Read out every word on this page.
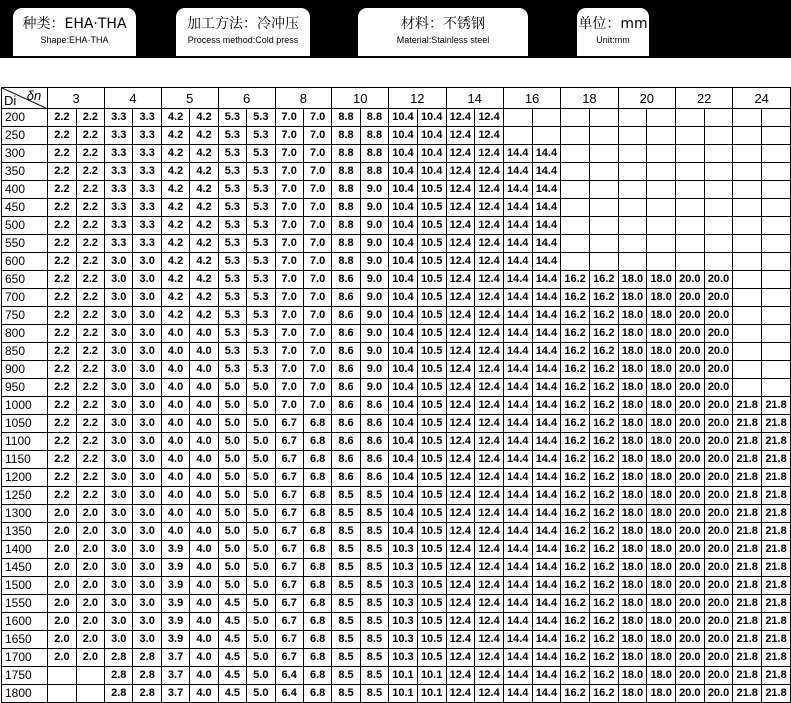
种类：EHA·THA
Shape:EHA·THA
加工方法：冷冲压
Process method:Cold press
材料：不锈钢
Material:Stainless steel
单位：mm
Unit:mm
δn
Di	3		4		5		6		8		10		12		14		16		18		20		22		24	
200	2.2	2.2	3.3	3.3	4.2	4.2	5.3	5.3	7.0	7.0	8.8	8.8	10.4	10.4	12.4	12.4										
250	2.2	2.2	3.3	3.3	4.2	4.2	5.3	5.3	7.0	7.0	8.8	8.8	10.4	10.4	12.4	12.4										
300	2.2	2.2	3.3	3.3	4.2	4.2	5.3	5.3	7.0	7.0	8.8	8.8	10.4	10.4	12.4	12.4	14.4	14.4								
350	2.2	2.2	3.3	3.3	4.2	4.2	5.3	5.3	7.0	7.0	8.8	8.8	10.4	10.4	12.4	12.4	14.4	14.4								
400	2.2	2.2	3.3	3.3	4.2	4.2	5.3	5.3	7.0	7.0	8.8	9.0	10.4	10.5	12.4	12.4	14.4	14.4								
450	2.2	2.2	3.3	3.3	4.2	4.2	5.3	5.3	7.0	7.0	8.8	9.0	10.4	10.5	12.4	12.4	14.4	14.4								
500	2.2	2.2	3.3	3.3	4.2	4.2	5.3	5.3	7.0	7.0	8.8	9.0	10.4	10.5	12.4	12.4	14.4	14.4								
550	2.2	2.2	3.3	3.3	4.2	4.2	5.3	5.3	7.0	7.0	8.8	9.0	10.4	10.5	12.4	12.4	14.4	14.4								
600	2.2	2.2	3.0	3.0	4.2	4.2	5.3	5.3	7.0	7.0	8.8	9.0	10.4	10.5	12.4	12.4	14.4	14.4								
650	2.2	2.2	3.0	3.0	4.2	4.2	5.3	5.3	7.0	7.0	8.6	9.0	10.4	10.5	12.4	12.4	14.4	14.4	16.2	16.2	18.0	18.0	20.0	20.0		
700	2.2	2.2	3.0	3.0	4.2	4.2	5.3	5.3	7.0	7.0	8.6	9.0	10.4	10.5	12.4	12.4	14.4	14.4	16.2	16.2	18.0	18.0	20.0	20.0		
750	2.2	2.2	3.0	3.0	4.2	4.2	5.3	5.3	7.0	7.0	8.6	9.0	10.4	10.5	12.4	12.4	14.4	14.4	16.2	16.2	18.0	18.0	20.0	20.0		
800	2.2	2.2	3.0	3.0	4.0	4.0	5.3	5.3	7.0	7.0	8.6	9.0	10.4	10.5	12.4	12.4	14.4	14.4	16.2	16.2	18.0	18.0	20.0	20.0		
850	2.2	2.2	3.0	3.0	4.0	4.0	5.3	5.3	7.0	7.0	8.6	9.0	10.4	10.5	12.4	12.4	14.4	14.4	16.2	16.2	18.0	18.0	20.0	20.0		
900	2.2	2.2	3.0	3.0	4.0	4.0	5.3	5.3	7.0	7.0	8.6	9.0	10.4	10.5	12.4	12.4	14.4	14.4	16.2	16.2	18.0	18.0	20.0	20.0		
950	2.2	2.2	3.0	3.0	4.0	4.0	5.0	5.0	7.0	7.0	8.6	9.0	10.4	10.5	12.4	12.4	14.4	14.4	16.2	16.2	18.0	18.0	20.0	20.0		
1000	2.2	2.2	3.0	3.0	4.0	4.0	5.0	5.0	7.0	7.0	8.6	8.6	10.4	10.5	12.4	12.4	14.4	14.4	16.2	16.2	18.0	18.0	20.0	20.0	21.8	21.8
1050	2.2	2.2	3.0	3.0	4.0	4.0	5.0	5.0	6.7	6.8	8.6	8.6	10.4	10.5	12.4	12.4	14.4	14.4	16.2	16.2	18.0	18.0	20.0	20.0	21.8	21.8
1100	2.2	2.2	3.0	3.0	4.0	4.0	5.0	5.0	6.7	6.8	8.6	8.6	10.4	10.5	12.4	12.4	14.4	14.4	16.2	16.2	18.0	18.0	20.0	20.0	21.8	21.8
1150	2.2	2.2	3.0	3.0	4.0	4.0	5.0	5.0	6.7	6.8	8.6	8.6	10.4	10.5	12.4	12.4	14.4	14.4	16.2	16.2	18.0	18.0	20.0	20.0	21.8	21.8
1200	2.2	2.2	3.0	3.0	4.0	4.0	5.0	5.0	6.7	6.8	8.6	8.6	10.4	10.5	12.4	12.4	14.4	14.4	16.2	16.2	18.0	18.0	20.0	20.0	21.8	21.8
1250	2.2	2.2	3.0	3.0	4.0	4.0	5.0	5.0	6.7	6.8	8.5	8.5	10.4	10.5	12.4	12.4	14.4	14.4	16.2	16.2	18.0	18.0	20.0	20.0	21.8	21.8
1300	2.0	2.0	3.0	3.0	4.0	4.0	5.0	5.0	6.7	6.8	8.5	8.5	10.4	10.5	12.4	12.4	14.4	14.4	16.2	16.2	18.0	18.0	20.0	20.0	21.8	21.8
1350	2.0	2.0	3.0	3.0	4.0	4.0	5.0	5.0	6.7	6.8	8.5	8.5	10.4	10.5	12.4	12.4	14.4	14.4	16.2	16.2	18.0	18.0	20.0	20.0	21.8	21.8
1400	2.0	2.0	3.0	3.0	3.9	4.0	5.0	5.0	6.7	6.8	8.5	8.5	10.3	10.5	12.4	12.4	14.4	14.4	16.2	16.2	18.0	18.0	20.0	20.0	21.8	21.8
1450	2.0	2.0	3.0	3.0	3.9	4.0	5.0	5.0	6.7	6.8	8.5	8.5	10.3	10.5	12.4	12.4	14.4	14.4	16.2	16.2	18.0	18.0	20.0	20.0	21.8	21.8
1500	2.0	2.0	3.0	3.0	3.9	4.0	5.0	5.0	6.7	6.8	8.5	8.5	10.3	10.5	12.4	12.4	14.4	14.4	16.2	16.2	18.0	18.0	20.0	20.0	21.8	21.8
1550	2.0	2.0	3.0	3.0	3.9	4.0	4.5	5.0	6.7	6.8	8.5	8.5	10.3	10.5	12.4	12.4	14.4	14.4	16.2	16.2	18.0	18.0	20.0	20.0	21.8	21.8
1600	2.0	2.0	3.0	3.0	3.9	4.0	4.5	5.0	6.7	6.8	8.5	8.5	10.3	10.5	12.4	12.4	14.4	14.4	16.2	16.2	18.0	18.0	20.0	20.0	21.8	21.8
1650	2.0	2.0	3.0	3.0	3.9	4.0	4.5	5.0	6.7	6.8	8.5	8.5	10.3	10.5	12.4	12.4	14.4	14.4	16.2	16.2	18.0	18.0	20.0	20.0	21.8	21.8
1700	2.0	2.0	2.8	2.8	3.7	4.0	4.5	5.0	6.7	6.8	8.5	8.5	10.3	10.5	12.4	12.4	14.4	14.4	16.2	16.2	18.0	18.0	20.0	20.0	21.8	21.8
1750			2.8	2.8	3.7	4.0	4.5	5.0	6.4	6.8	8.5	8.5	10.1	10.1	12.4	12.4	14.4	14.4	16.2	16.2	18.0	18.0	20.0	20.0	21.8	21.8
1800			2.8	2.8	3.7	4.0	4.5	5.0	6.4	6.8	8.5	8.5	10.1	10.1	12.4	12.4	14.4	14.4	16.2	16.2	18.0	18.0	20.0	20.0	21.8	21.8
